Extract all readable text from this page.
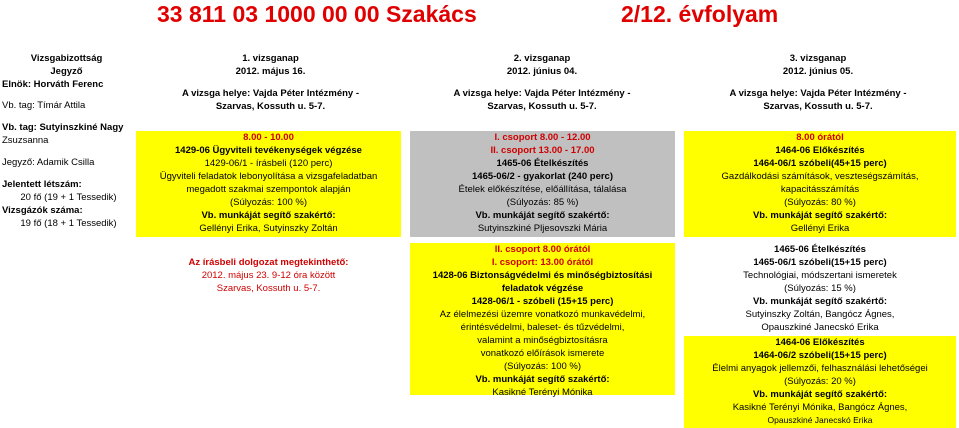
33 811 03 1000 00 00 Szakács	2/12. évfolyam
Vizsgabizottság
Jegyző
Elnök: Horváth Ferenc
Vb. tag: Tímár Attila
Vb. tag: Sutyinszkiné Nagy
Zsuzsanna
Jegyző: Adamik Csilla
Jelentett létszám:
20 fő (19 + 1 Tessedik)
Vizsgázók száma:
19 fő (18 + 1 Tessedik)
1. vizsganap
2012. május 16.
A vizsga helye: Vajda Péter Intézmény -
Szarvas, Kossuth u. 5-7.
2. vizsganap
2012. június 04.
A vizsga helye: Vajda Péter Intézmény -
Szarvas, Kossuth u. 5-7.
3. vizsganap
2012. június 05.
A vizsga helye: Vajda Péter Intézmény -
Szarvas, Kossuth u. 5-7.
8.00 - 10.00
1429-06 Ügyviteli tevékenységek végzése
1429-06/1 - írásbeli (120 perc)
Ügyviteli feladatok lebonyolítása a vizsgafeladatban
megadott szakmai szempontok alapján
(Súlyozás: 100 %)
Vb. munkáját segítő szakértő:
Gellényi Erika, Sutyinszky Zoltán
I. csoport 8.00 - 12.00
II. csoport 13.00 - 17.00
1465-06 Ételkészítés
1465-06/2 - gyakorlat (240 perc)
Ételek előkészítése, előállítása, tálalása
(Súlyozás: 85 %)
Vb. munkáját segítő szakértő:
Sutyinszkiné Pljesovszki Mária
8.00 órától
1464-06 Előkészítés
1464-06/1 szóbeli(45+15 perc)
Gazdálkodási számítások, veszteségszámítás,
kapacitásszámítás
(Súlyozás: 80 %)
Vb. munkáját segítő szakértő:
Gellényi Erika
Az írásbeli dolgozat megtekinthető:
2012. május 23. 9-12 óra között
Szarvas, Kossuth u. 5-7.
II. csoport 8.00 órától
I. csoport: 13.00 órától
1428-06 Biztonságvédelmi és minőségbiztosítási
feladatok végzése
1428-06/1 - szóbeli (15+15 perc)
Az élelmezési üzemre vonatkozó munkavédelmi,
érintésvédelmi, baleset- és tűzvédelmi,
valamint a minőségbiztosításra
vonatkozó előírások ismerete
(Súlyozás: 100 %)
Vb. munkáját segítő szakértő:
Kasikné Terényi Mónika
1465-06 Ételkészítés
1465-06/1 szóbeli(15+15 perc)
Technológiai, módszertani ismeretek
(Súlyozás: 15 %)
Vb. munkáját segítő szakértő:
Sutyinszky Zoltán, Bangócz Ágnes,
Opauszkiné Janecskó Erika
1464-06 Előkészítés
1464-06/2 szóbeli(15+15 perc)
Élelmi anyagok jellemzői, felhasználási lehetőségei
(Súlyozás: 20 %)
Vb. munkáját segítő szakértő:
Kasikné Terényi Mónika, Bangócz Ágnes,
Opauszkiné Janecskó Erika
